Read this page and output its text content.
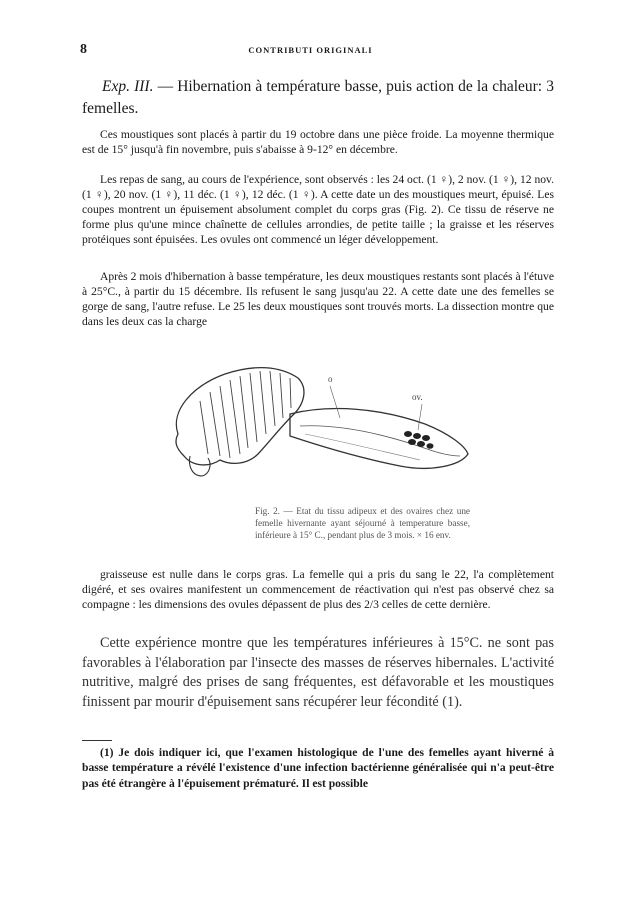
8	CONTRIBUTI ORIGINALI
Exp. III. — Hibernation à température basse, puis action de la chaleur: 3 femelles.

Ces moustiques sont placés à partir du 19 octobre dans une pièce froide. La moyenne thermique est de 15° jusqu'à fin novembre, puis s'abaisse à 9-12° en décembre.

Les repas de sang, au cours de l'expérience, sont observés : les 24 oct. (1 ♀), 2 nov. (1 ♀), 12 nov. (1 ♀), 20 nov. (1 ♀), 11 déc. (1 ♀), 12 déc. (1 ♀). A cette date un des moustiques meurt, épuisé. Les coupes montrent un épuisement absolument complet du corps gras (Fig. 2). Ce tissu de réserve ne forme plus qu'une mince chaînette de cellules arrondies, de petite taille ; la graisse et les réserves protéiques sont épuisées. Les ovules ont commencé un léger développement.

Après 2 mois d'hibernation à basse température, les deux moustiques restants sont placés à l'étuve à 25°C., à partir du 15 décembre. Ils refusent le sang jusqu'au 22. A cette date une des femelles se gorge de sang, l'autre refuse. Le 25 les deux moustiques sont trouvés morts. La dissection montre que dans les deux cas la charge

o
ov.
Fig. 2. — Etat du tissu adipeux et des ovaires chez une femelle hivernante ayant séjourné à temperature basse, inférieure à 15° C., pendant plus de 3 mois. × 16 env.

graisseuse est nulle dans le corps gras. La femelle qui a pris du sang le 22, l'a complètement digéré, et ses ovaires manifestent un commencement de réactivation qui n'est pas observé chez sa compagne : les dimensions des ovules dépassent de plus des 2/3 celles de cette dernière.

Cette expérience montre que les températures inférieures à 15°C. ne sont pas favorables à l'élaboration par l'insecte des masses de réserves hibernales. L'activité nutritive, malgré des prises de sang fréquentes, est défavorable et les moustiques finissent par mourir d'épuisement sans récupérer leur fécondité (1).

(1) Je dois indiquer ici, que l'examen histologique de l'une des femelles ayant hiverné à basse température a révélé l'existence d'une infection bactérienne généralisée qui n'a peut-être pas été étrangère à l'épuisement prématuré. Il est possible
